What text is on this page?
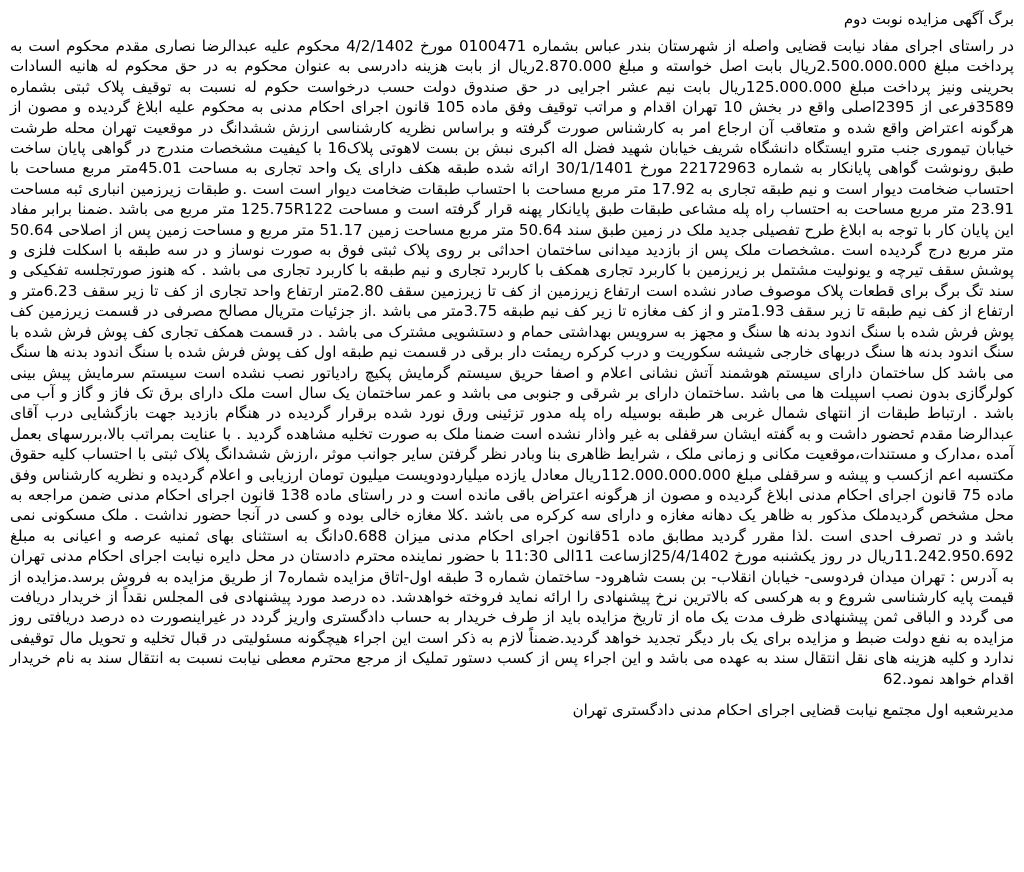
برگ آگهی مزایده نوبت دوم

در راستای اجرای مفاد نیابت قضایی واصله از شهرستان بندر عباس بشماره 0100471 مورخ 4/2/1402 محکوم علیه عبدالرضا نصاری مقدم محکوم است به پرداخت مبلغ 2.500.000.000ریال بابت اصل خواسته و مبلغ 2.870.000ریال از بابت هزینه دادرسی به عنوان محکوم به در حق محکوم له هانیه السادات بحرینی ونیز پرداخت مبلغ 125.000.000ریال بابت نیم عشر اجرایی در حق صندوق دولت حسب درخواست حکوم له نسبت به توقیف پلاک ثبتی بشماره 3589فرعی از 2395اصلی واقع در بخش 10 تهران اقدام و مراتب توقیف وفق ماده 105 قانون اجرای احکام مدنی به محکوم علیه ابلاغ گردیده و مصون از هرگونه اعتراض واقع شده و متعاقب آن ارجاع امر به کارشناس صورت گرفته و براساس نظریه کارشناسی ارزش ششدانگ در موقعیت تهران محله طرشت خیابان تیموری جنب مترو ایستگاه دانشگاه شریف خیابان شهید فضل اله اکبری نبش بن بست لاهوتی پلاک16 با کیفیت مشخصات مندرج در گواهی پایان ساخت طبق رونوشت گواهی پایانکار به شماره 22172963 مورخ 30/1/1401 ارائه شده طبقه هکف دارای یک واحد تجاری به مساحت 45.01متر مربع مساحت با احتساب ضخامت دیوار است و نیم طبقه تجاری به 17.92 متر مربع مساحت با احتساب طبقات ضخامت دیوار است است .و طبقات زیرزمین انباری ئبه مساحت 23.91 متر مربع مساحت به احتساب راه پله مشاعی طبقات طبق پایانکار پهنه قرار گرفته است و مساحت 125.75R122 متر مربع می باشد .ضمنا برابر مفاد این پایان کار با توجه به ابلاغ طرح تفصیلی جدید ملک در زمین طبق سند 50.64 متر مربع مساحت زمین 51.17 متر مربع و مساحت زمین پس از اصلاحی 50.64 متر مربع درج گردیده است .مشخصات ملک پس از بازدید میدانی ساختمان احداثی بر روی پلاک ثبتی فوق به صورت نوساز و در سه طبقه با اسکلت فلزی و پوشش سقف تیرچه و یونولیت مشتمل بر زیرزمین با کاربرد تجاری همکف با کاربرد تجاری و نیم طبقه با کاربرد تجاری می باشد . که هنوز صورتجلسه تفکیکی و سند تگ برگ برای قطعات پلاک موصوف صادر نشده است ارتفاع زیرزمین از کف تا زیرزمین سقف 2.80متر ارتفاع واحد تجاری از کف تا زیر سقف 6.23متر و ارتفاع از کف نیم طبقه تا زیر سقف 1.93متر و از کف مغازه تا زیر کف نیم طبقه 3.75متر می باشد .از جزئیات متریال مصالح مصرفی در قسمت زیرزمین کف پوش فرش شده با سنگ اندود بدنه ها سنگ و مجهز به سرویس بهداشتی حمام و دستشویی مشترک می باشد . در قسمت همکف تجاری کف پوش فرش شده با سنگ اندود بدنه ها سنگ دربهای خارجی شیشه سکوریت و درب کرکره ریمئت دار برقی در قسمت نیم طبقه اول کف پوش فرش شده با سنگ اندود بدنه ها سنگ می باشد کل ساختمان دارای سیستم هوشمند آتش نشانی اعلام و اصفا حریق سیستم گرمایش پکیچ رادیاتور نصب نشده است سیستم سرمایش پیش بینی کولرگازی بدون نصب اسپیلت ها می باشد .ساختمان دارای بر شرقی و جنوبی می باشد و عمر ساختمان یک سال است ملک دارای برق تک فاز و گاز و آب می باشد . ارتباط طبقات از انتهای شمال غربی هر طبقه بوسیله راه پله مدور تزئینی ورق نورد شده برقرار گردیده در هنگام بازدید جهت بازگشایی درب آقای عبدالرضا مقدم ئحضور داشت و به گفته ایشان سرقفلی به غیر واذار نشده است ضمنا ملک به صورت تخلیه مشاهده گردید . با عنایت بمراتب بالا،بررسهای بعمل آمده ،مدارک و مستندات،موقعیت مکانی و زمانی ملک ، شرایط ظاهری بنا وبادر نظر گرفتن سایر جوانب موثر ،ارزش ششدانگ پلاک ثبتی با احتساب کلیه حقوق مکتسبه اعم ازکسب و پیشه و سرقفلی مبلغ 112.000.000.000ریال معادل یازده میلیاردودویست میلیون تومان ارزیابی و اعلام گردیده و نظریه کارشناس وفق ماده 75 قانون اجرای احکام مدنی ابلاغ گردیده و مصون از هرگونه اعتراض باقی مانده است و در راستای ماده 138 قانون اجرای احکام مدنی ضمن مراجعه به محل مشخص گردیدملک مذکور به ظاهر یک دهانه مغازه و دارای سه کرکره می باشد .کلا مغازه خالی بوده و کسی در آنجا حضور نداشت . ملک مسکونی نمی باشد و در تصرف احدی است .لذا مقرر گردید مطابق ماده 51قانون اجرای احکام مدنی میزان 0.688دانگ به استثنای بهای ثمنیه عرصه و اعیانی به مبلغ 11.242.950.692ریال در روز یکشنبه مورخ 25/4/1402ازساعت 11الی 11:30 با حضور نماینده محترم دادستان در محل دایره نیابت اجرای احکام مدنی تهران به آدرس : تهران میدان فردوسی- خیابان انقلاب- بن بست شاهرود- ساختمان شماره 3 طبقه اول-اتاق مزایده شماره7 از طریق مزایده به فروش برسد.مزایده از قیمت پایه کارشناسی شروع و به هرکسی که بالاترین نرخ پیشنهادی را ارائه نماید فروخته خواهدشد. ده درصد مورد پیشنهادی فی المجلس نقداً از خریدار دریافت می گردد و الباقی ثمن پیشنهادی ظرف مدت یک ماه از تاریخ مزایده باید از طرف خریدار به حساب دادگستری واریز گردد در غیراینصورت ده درصد دریافتی روز مزایده به نفع دولت ضبط و مزایده برای یک بار دیگر تجدید خواهد گردید.ضمناً لازم به ذکر است این اجراء هیچگونه مسئولیتی در قبال تخلیه و تحویل مال توقیفی ندارد و کلیه هزینه های نقل انتقال سند به عهده می باشد و این اجراء پس از کسب دستور تملیک از مرجع محترم معطی نیابت نسبت به انتقال سند به نام خریدار اقدام خواهد نمود.62

مدیرشعبه اول مجتمع نیابت قضایی اجرای احکام مدنی دادگستری تهران
